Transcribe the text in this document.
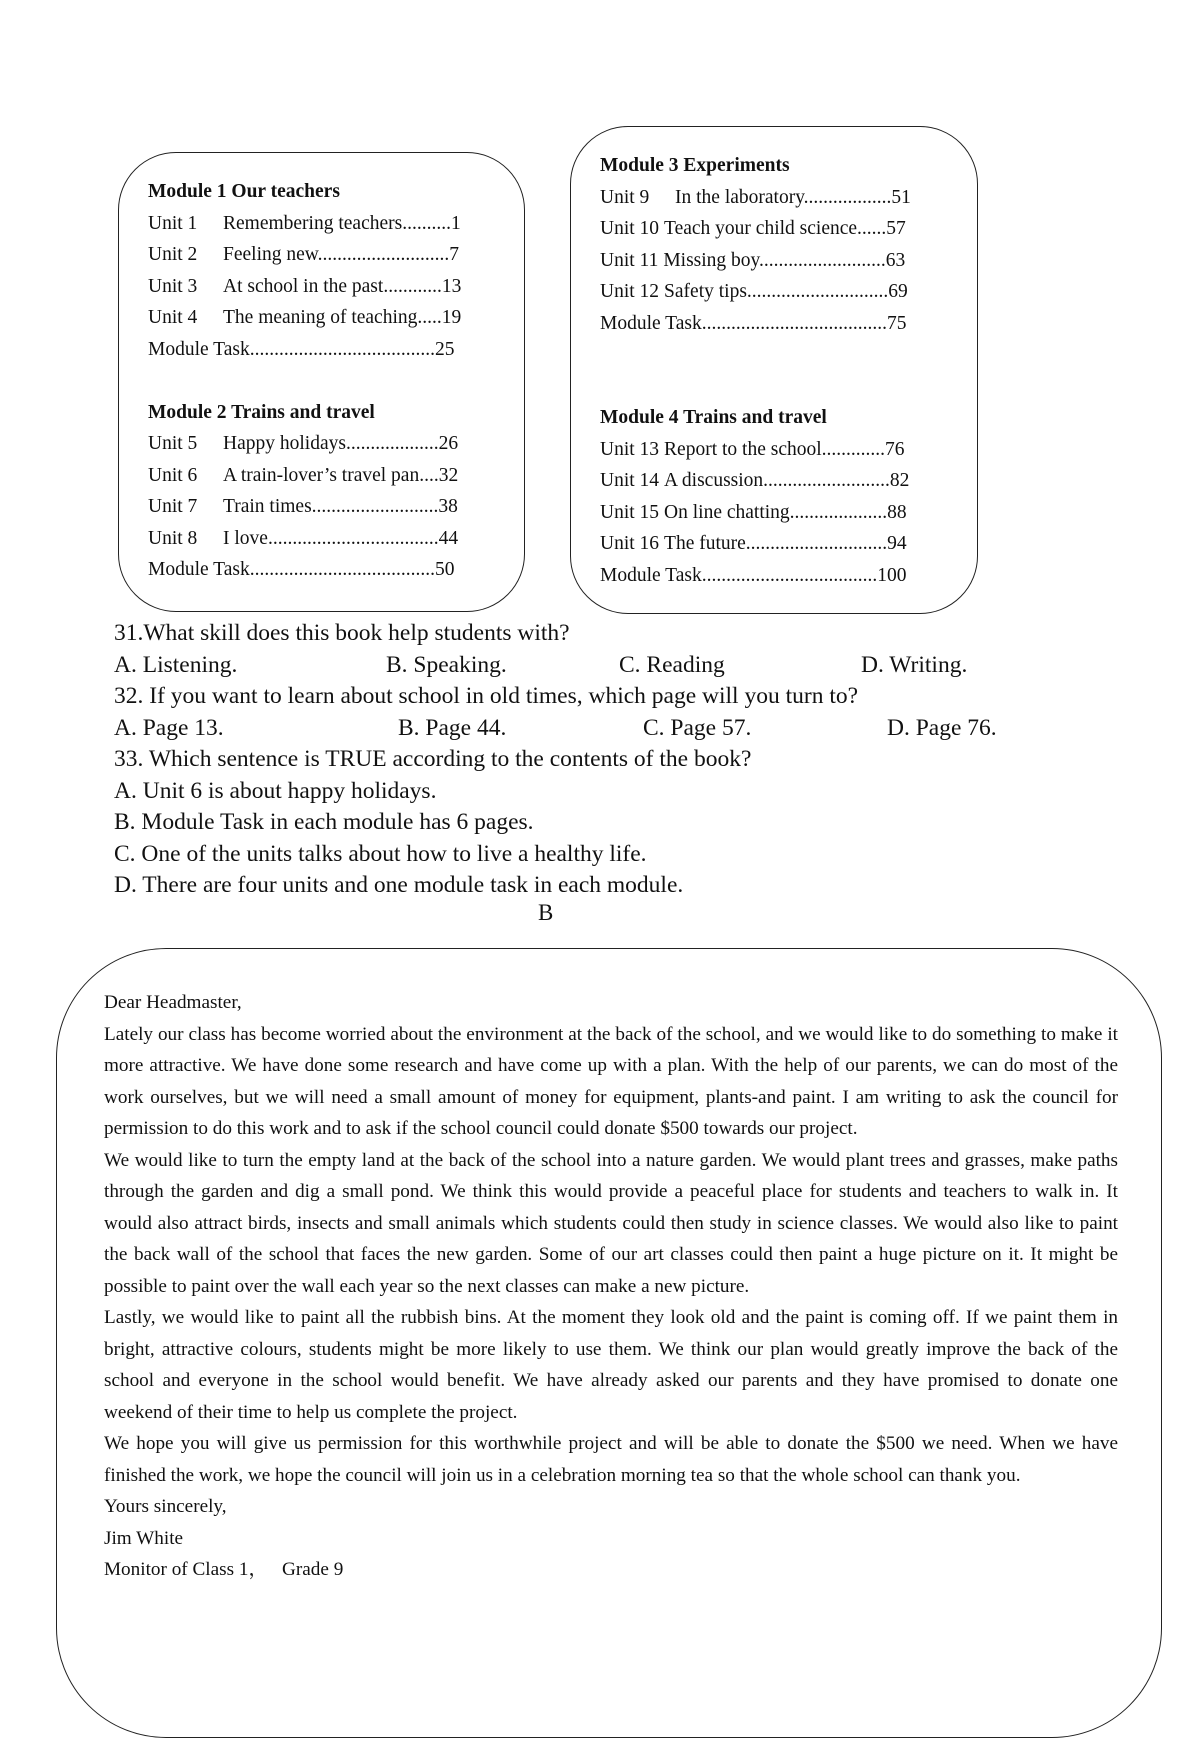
Module 1 Our teachers
Unit 1	Remembering teachers..........1
Unit 2	Feeling new...........................7
Unit 3	At school in the past............13
Unit 4	The meaning of teaching.....19
Module Task......................................25
Module 2 Trains and travel
Unit 5	Happy holidays...................26
Unit 6	A train-lover’s travel pan....32
Unit 7	Train times..........................38
Unit 8	I love...................................44
Module Task......................................50
Module 3 Experiments
Unit 9	In the laboratory..................51
Unit 10 Teach your child science......57
Unit 11 Missing boy..........................63
Unit 12 Safety tips.............................69
Module Task......................................75
Module 4 Trains and travel
Unit 13 Report to the school.............76
Unit 14 A discussion..........................82
Unit 15 On line chatting....................88
Unit 16 The future.............................94
Module Task....................................100
31.What skill does this book help students with?
A. Listening.	B. Speaking.	C. Reading	D. Writing.
32. If you want to learn about school in old times, which page will you turn to?
A. Page 13.	B. Page 44.	C. Page 57.	D. Page 76.
33. Which sentence is TRUE according to the contents of the book?
A. Unit 6 is about happy holidays.
B. Module Task in each module has 6 pages.
C. One of the units talks about how to live a healthy life.
D. There are four units and one module task in each module.
B

Dear Headmaster,

Lately our class has become worried about the environment at the back of the school, and we would like to do something to make it more attractive. We have done some research and have come up with a plan. With the help of our parents, we can do most of the work ourselves, but we will need a small amount of money for equipment, plants-and paint. I am writing to ask the council for permission to do this work and to ask if the school council could donate $500 towards our project.

We would like to turn the empty land at the back of the school into a nature garden. We would plant trees and grasses, make paths through the garden and dig a small pond. We think this would provide a peaceful place for students and teachers to walk in. It would also attract birds, insects and small animals which students could then study in science classes. We would also like to paint the back wall of the school that faces the new garden. Some of our art classes could then paint a huge picture on it. It might be possible to paint over the wall each year so the next classes can make a new picture.

Lastly, we would like to paint all the rubbish bins. At the moment they look old and the paint is coming off. If we paint them in bright, attractive colours, students might be more likely to use them. We think our plan would greatly improve the back of the school and everyone in the school would benefit. We have already asked our parents and they have promised to donate one weekend of their time to help us complete the project.

We hope you will give us permission for this worthwhile project and will be able to donate the $500 we need. When we have finished the work, we hope the council will join us in a celebration morning tea so that the whole school can thank you.

Yours sincerely,

Jim White

Monitor of Class 1，   Grade 9
